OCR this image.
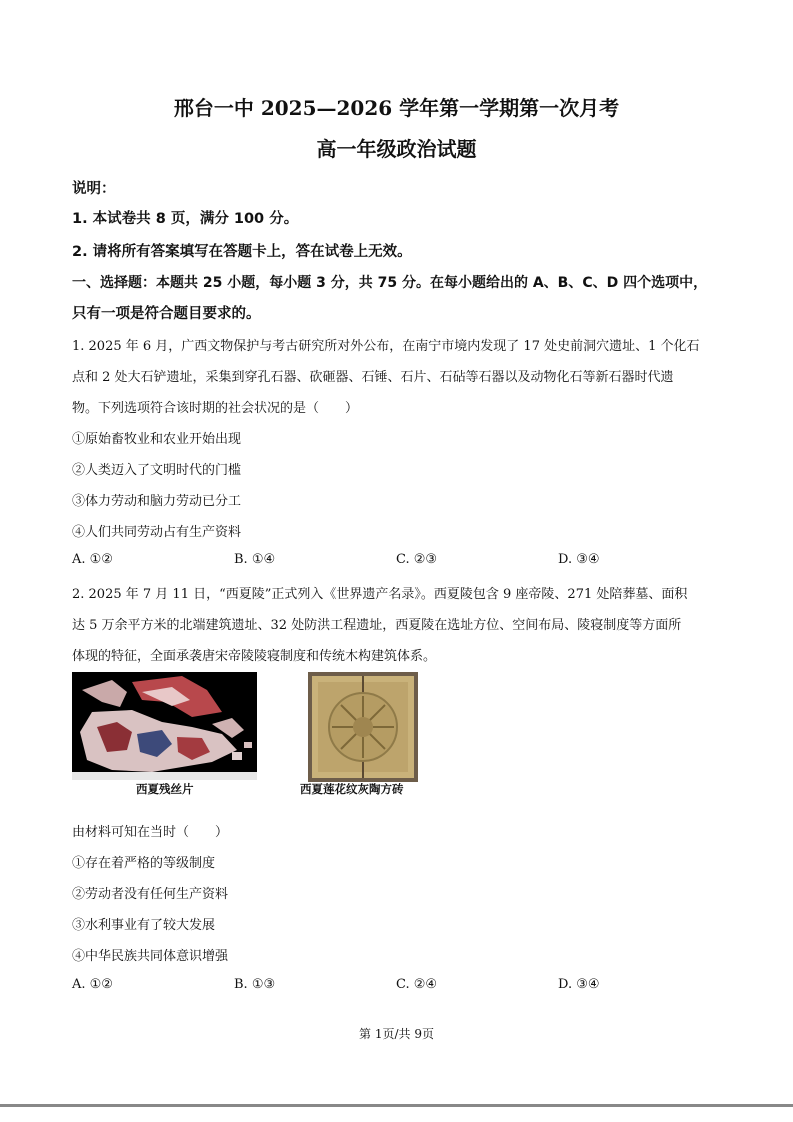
邢台一中 2025—2026 学年第一学期第一次月考
高一年级政治试题
说明：
1. 本试卷共 8 页，满分 100 分。
2. 请将所有答案填写在答题卡上，答在试卷上无效。
一、选择题：本题共 25 小题，每小题 3 分，共 75 分。在每小题给出的 A、B、C、D 四个选项中，
只有一项是符合题目要求的。
1. 2025 年 6 月，广西文物保护与考古研究所对外公布，在南宁市境内发现了 17 处史前洞穴遗址、1 个化石
点和 2 处大石铲遗址，采集到穿孔石器、砍砸器、石锤、石片、石砧等石器以及动物化石等新石器时代遗
物。下列选项符合该时期的社会状况的是（　　）
①原始畜牧业和农业开始出现
②人类迈入了文明时代的门槛
③体力劳动和脑力劳动已分工
④人们共同劳动占有生产资料
A. ①②	B. ①④	C. ②③	D. ③④
2. 2025 年 7 月 11 日，“西夏陵”正式列入《世界遗产名录》。西夏陵包含 9 座帝陵、271 处陪葬墓、面积
达 5 万余平方米的北端建筑遗址、32 处防洪工程遗址，西夏陵在选址方位、空间布局、陵寝制度等方面所
体现的特征，全面承袭唐宋帝陵陵寝制度和传统木构建筑体系。
西夏残丝片	西夏莲花纹灰陶方砖
由材料可知在当时（　　）
①存在着严格的等级制度
②劳动者没有任何生产资料
③水利事业有了较大发展
④中华民族共同体意识增强
A. ①②	B. ①③	C. ②④	D. ③④
第 1页/共 9页
